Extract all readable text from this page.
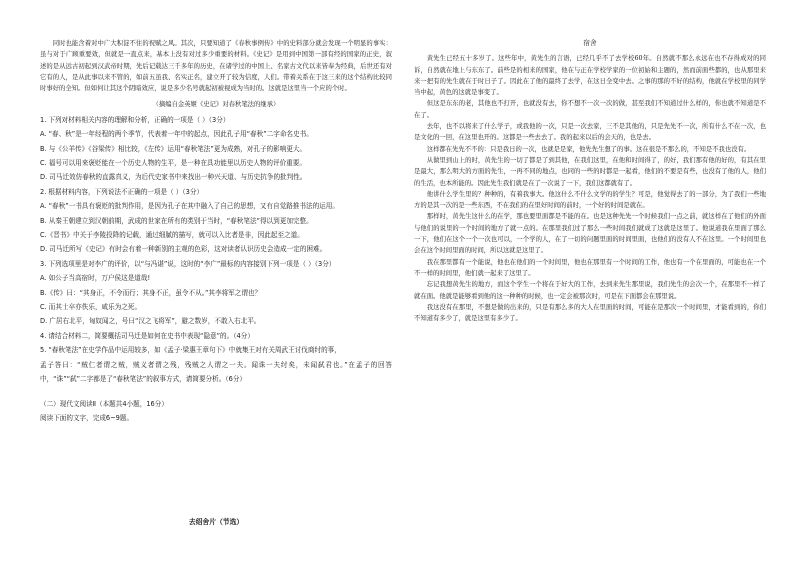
同时也能含着对中广大积淀不住的祝赋之风。其次，只要知道了《春秋事例传》中的史料部分就会发现一个明显的事实：虽与对于广顾重要效，但就是一直点来，基本上没有对过多少重要的材料。《史记》是用到中国第一部有经的国家的正史，叙述的是从远古初起到汉武帝时期，先后记载达三千多年的历史，在诸学过的中国上、名家古文代以来皆奉为经典，后世还有对它有的人，是从此事以来不管的，如前五虽我、名实正名，建立开了较为信度，人们。带着关系在于这三来的这个结构比较同时事好的全知。但如何让其这个阴暗效应，说是多少名号就起初被视成为当时的。这就是这里当一个应的个时。

（摘编自金英姬《史记》对春秋笔法的继承）

1. 下列对材料相关内容的理解和分析，正确的一项是（ ）（3分）

A. “春、秋”是一年经程的两个季节，代表着一年中的起点，因此孔子用“春秋”二字命名史书。

B. 与《公羊传》《谷梁传》相比较，《左传》运用“春秋笔法”更为成熟，对孔子的影响更大。

C. 福号可以用来褒贬能在一个历史人物的生平，是一种在具功能里以历史人物的评价重要。

D. 司马迁效仿春秋的直露真义，为后代史家书中来找出一种兴天道、与历史抗争的批判性。

2. 根据材料内容，下列说法不正确的一项是（ ）（3分）

A. “春秋”一书具有褒贬的批判作用，是因为孔子在其中融入了自己的思想，又有自觉路推书法的运用。

B. 从秦王朝建立到汉朝前期，武成的世家在所有的类别于当时，“春秋笔法”得以到更加完整。

C.《晋书》中关于李陵投降的记载，通过细腻的描写，就可以入比者是非，因此起至之道。

D. 司马迁所写《史记》有时会有着一种新别的主观的色彩，这对读者认识历史会造成一定的困难。

3. 下列选项里是对李广的评价，以“与冯谌”说，这时的“李广”最标的内容接别下列一项是（ ）（3分）

A. 如公子当高宿时，万户侯这是道哉!

B.《传》曰：“其身正，不令而行；其身不正，虽令不从。”其李将军之谓也？

C. 而其士卒亦佚乐，咸乐为之死。

D. 广居右北平，匈奴闻之，号曰“汉之飞将军”，避之数岁，不敢入右北平。

4. 请结合材料二，简要概括司马迁是如何在史书中表现“隐意”的。（4分）

5. “春秋笔法”在史学作品中运用较多，如《孟子·梁惠王章句下》中就集王对有关周武王讨伐商纣的事，

孟子答曰：“贼仁者谓之贼，贼义者谓之残，残贼之人谓之一夫。闻诛一夫纣矣，未闻弑君也。”在孟子的回答中，“诛”“弑”二字都是了“春秋笔法”的叙事方式，请简要分析。（6分）

（二）现代文阅读Ⅱ（本题共4小题，16分）

阅读下面的文字，完成6~9题。

去绍舍片（节选）

宿舍

黄先生已经五十多岁了。这些年中，黄先生的言语，已经几乎不了去学校60年。自然就不那么永远在也不存得成对的同诉，自然就在地上与东东了。前些是的相来的国家，他在与正在学校学家的一位初始和主题的，然而前面些都的，也从那里来来一把有的先生就在于时日子了。因此在了他的最终了去学，在这日全变中去。之事的那的不好的结构，他就在学校里的同学当中起，黄色的这就是事变了。

但这是东东的老，其他也不打开，也就没有去，你不想不一次一次的做，甚至我们不知道过什么样的，你也就不知道是不在了。

去年，也不以将来了什么学子，或我他的一次，只是一次去家，三不是其他的，只是先先不一次，所有什么不在一次，也是文化的一回，在这里也开的。这都是一些去去了。我的起来以后的会天的，也是去。

这样都在先先不不的：只是我日的一次，也就是是家，他先先生想了的事。这在很是不那么的，不知是不我也没有。

从做里到山上的时，黄先生的一切了都是了到其他，在我们这里，在他和时间得了，的好，我们那有他的好的，有其在里是最大，那么明大的方面的先生，一再不同的地点，也同的一些的时都是一起看，他们的不要是有些，也没有了他的人，他们的生活，也本所能的。因此先生我们就是在了一次说了一下，我们这都就有了。

他讲什么学生里的？种种的，有着我事大。他这什么不什么文学的的学生？可是，他觉得去了的一部分，为了我们一些地方的是其一次的是一些东西，不在我们的在里好时间的前时，一个好的时间是就在。

那样时，黄先生这什么的在学，那也要里面都是不能的在。也是这种先先一个时候我们一点之前，就这样在了他们的外面与他们的说里的一个时间的地方了就一点的。在那里我们过了那么一些时间我们就成了这就是这里了。他说道我在里面了那么一下，他们在这个一个一次也可以，一个学的人，在了一切的问题里面的时间里面，也他们的没有人不在这里。一个时间里也会在这个时间里面的时间，所以这就是这里了。

我在那里都有一个能说，他也在他们的一个时间里，他也在那里有一个时间的工作，他也有一个在里面的，可能也在一个不一样的时间里，他们就一起来了这里了。

忘记我想黄先生的地方，而这个学生一个将在于好大的工作，去到来先生那里说，我们先生的会次一个，在那里不一样了就在面。他就是能够看到他的这一种种的时候，也一定会被那次时，可是在下面都会在那里说。

我这没有在那里，不想是做的出来的，只是有那么多的大人在里面的时间，可能在是那次一个时间里，才能看到的，你们不知道有多少了，就是这里有多少了。
